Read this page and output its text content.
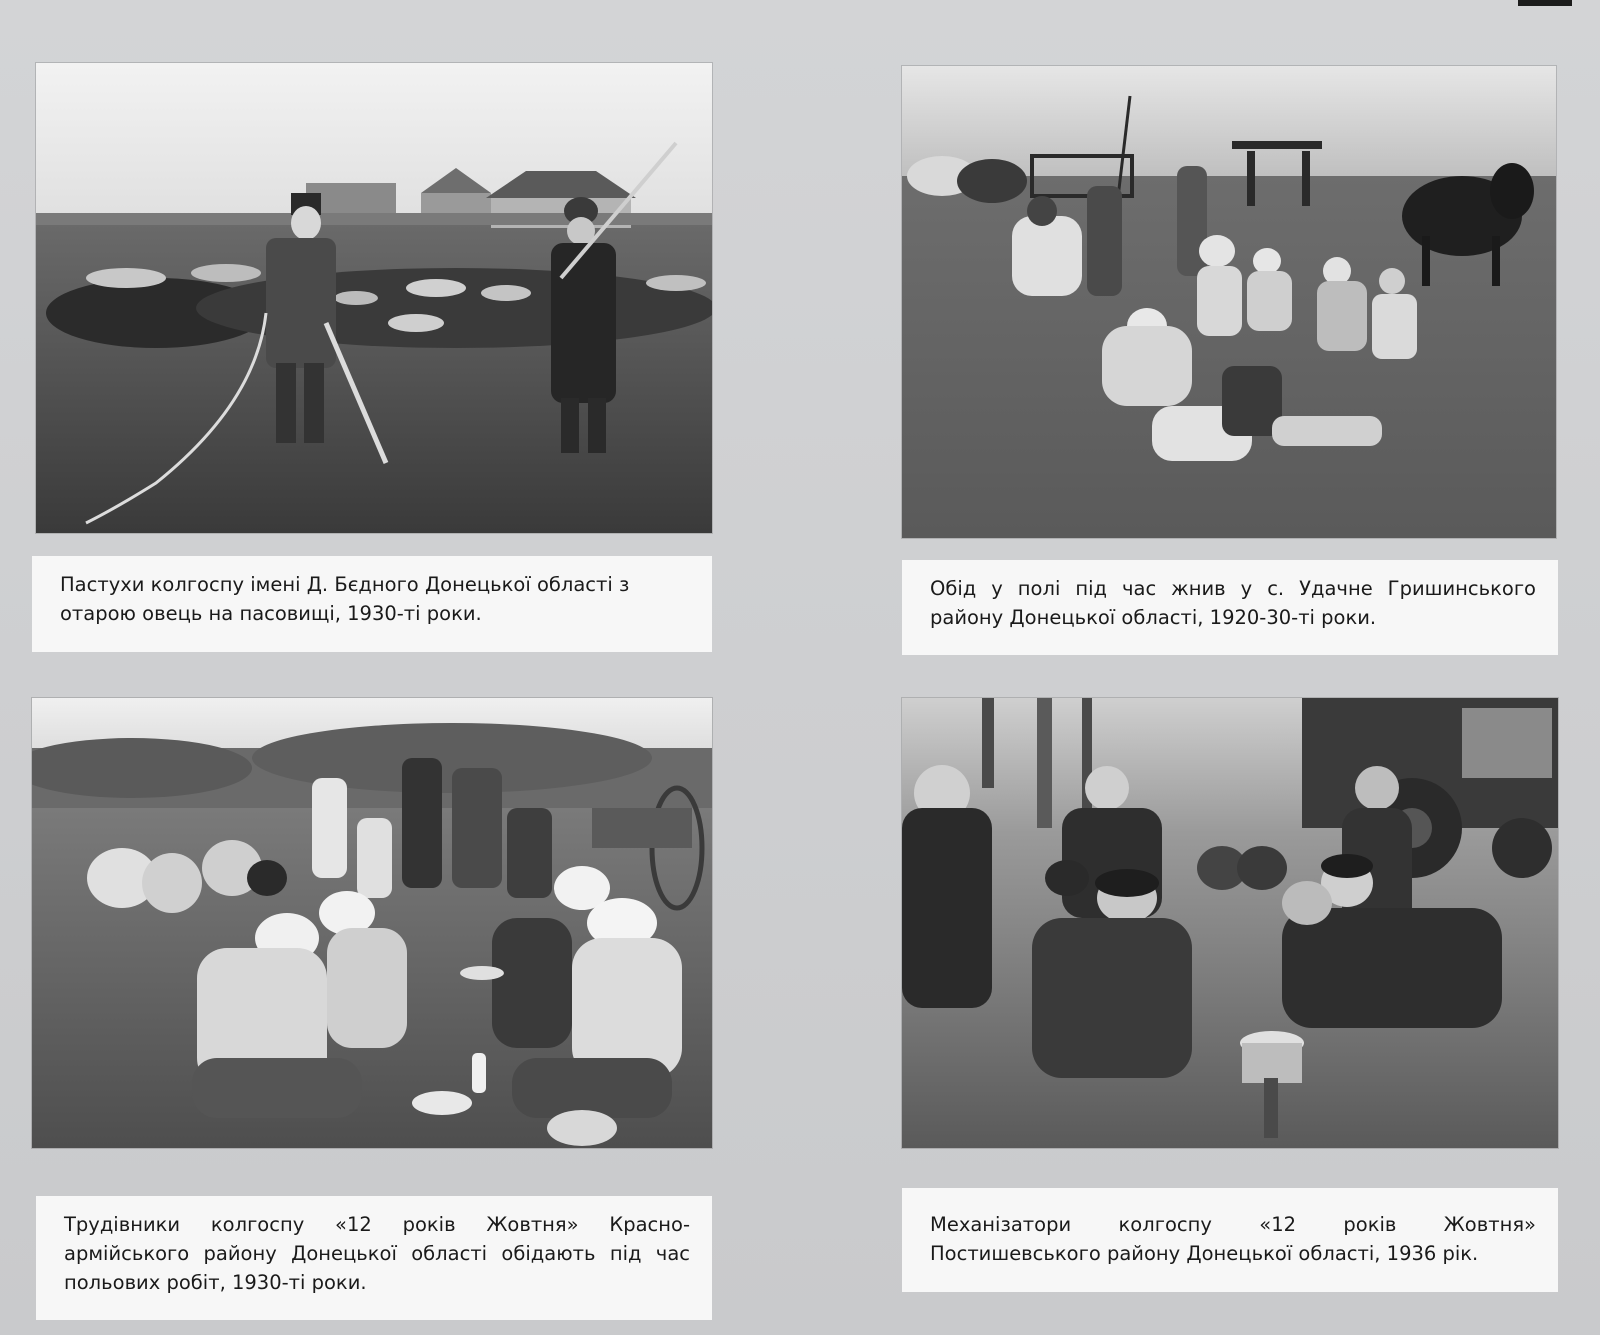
Пастухи колгоспу імені Д. Бєдного Донецької області з отарою овець на пасовищі, 1930-ті роки.
Обід у полі під час жнив у с. Удачне Гришинського району Донецької області, 1920-30-ті роки.
Трудівники колгоспу «12 років Жовтня» Красно-армійського району Донецької області обідають під час польових робіт, 1930-ті роки.
Механізатори колгоспу «12 років Жовтня» Постишевського району Донецької області, 1936 рік.
